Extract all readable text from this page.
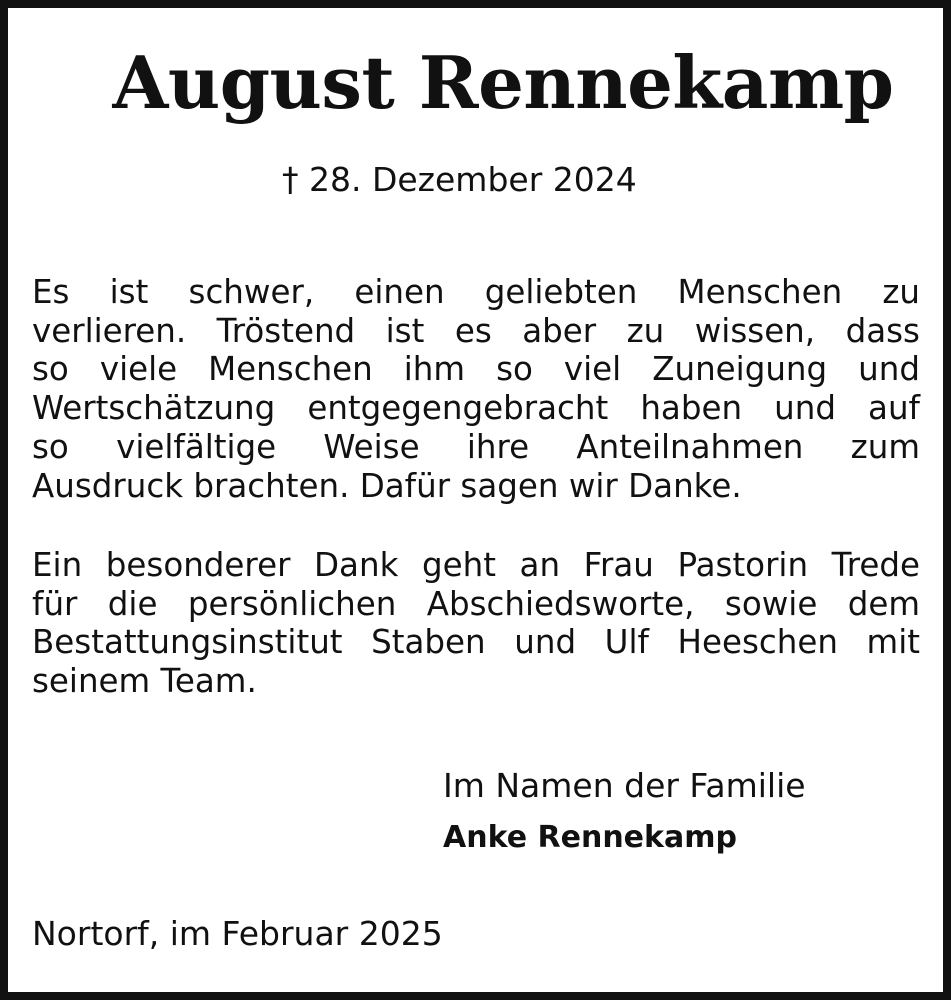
August Rennekamp
† 28. Dezember 2024
Es ist schwer, einen geliebten Menschen zu
verlieren. Tröstend ist es aber zu wissen, dass
so viele Menschen ihm so viel Zuneigung und
Wertschätzung entgegengebracht haben und auf
so vielfältige Weise ihre Anteilnahmen zum
Ausdruck brachten. Dafür sagen wir Danke.
Ein besonderer Dank geht an Frau Pastorin Trede
für die persönlichen Abschiedsworte, sowie dem
Bestattungsinstitut Staben und Ulf Heeschen mit
seinem Team.
Im Namen der Familie
Anke Rennekamp
Nortorf, im Februar 2025
